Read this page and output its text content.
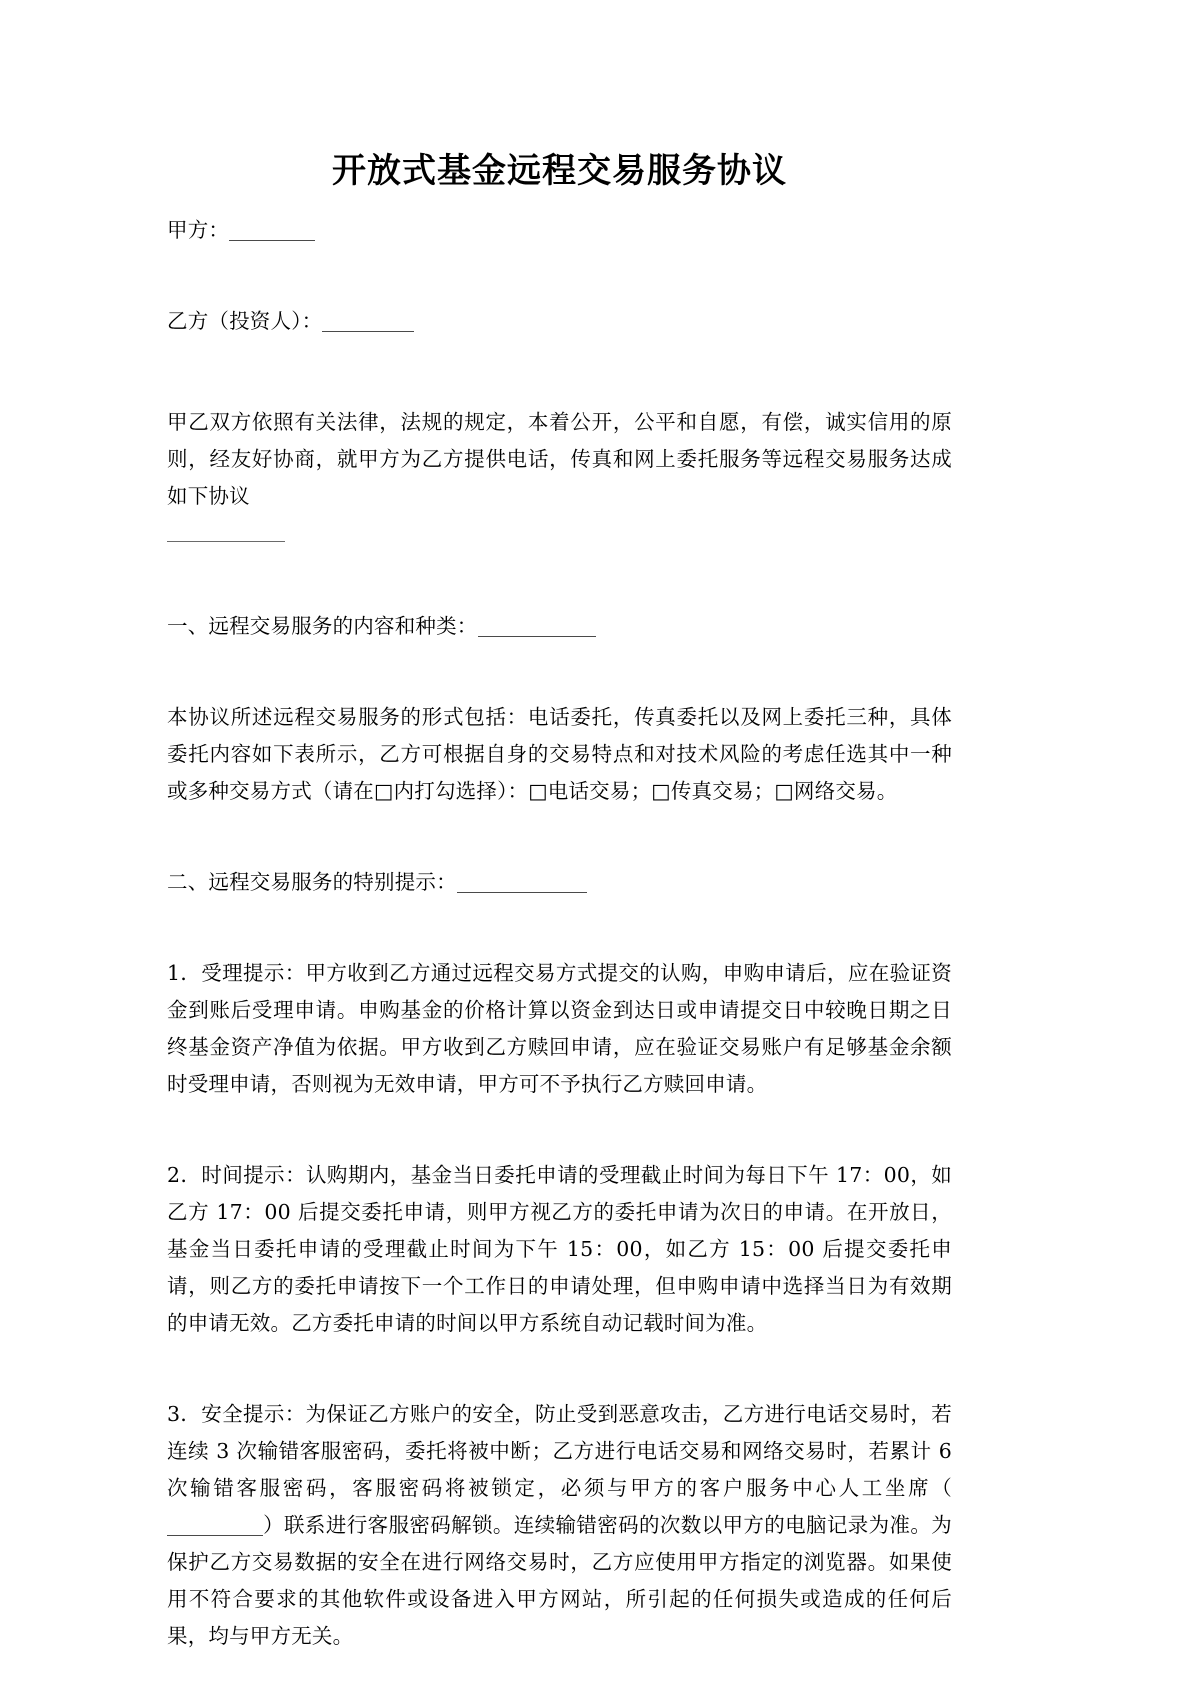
开放式基金远程交易服务协议

甲方：

乙方（投资人）：

甲乙双方依照有关法律，法规的规定，本着公开，公平和自愿，有偿，诚实信用的原则，经友好协商，就甲方为乙方提供电话，传真和网上委托服务等远程交易服务达成如下协议

一、远程交易服务的内容和种类：

本协议所述远程交易服务的形式包括：电话委托，传真委托以及网上委托三种，具体委托内容如下表所示，乙方可根据自身的交易特点和对技术风险的考虑任选其中一种或多种交易方式（请在□内打勾选择）：□电话交易；□传真交易；□网络交易。

二、远程交易服务的特别提示：

1．受理提示：甲方收到乙方通过远程交易方式提交的认购，申购申请后，应在验证资金到账后受理申请。申购基金的价格计算以资金到达日或申请提交日中较晚日期之日终基金资产净值为依据。甲方收到乙方赎回申请，应在验证交易账户有足够基金余额时受理申请，否则视为无效申请，甲方可不予执行乙方赎回申请。

2．时间提示：认购期内，基金当日委托申请的受理截止时间为每日下午 17：00，如乙方 17：00 后提交委托申请，则甲方视乙方的委托申请为次日的申请。在开放日，基金当日委托申请的受理截止时间为下午 15：00，如乙方 15：00 后提交委托申请，则乙方的委托申请按下一个工作日的申请处理，但申购申请中选择当日为有效期的申请无效。乙方委托申请的时间以甲方系统自动记载时间为准。

3．安全提示：为保证乙方账户的安全，防止受到恶意攻击，乙方进行电话交易时，若连续 3 次输错客服密码，委托将被中断；乙方进行电话交易和网络交易时，若累计 6 次输错客服密码，客服密码将被锁定，必须与甲方的客户服务中心人工坐席（）联系进行客服密码解锁。连续输错密码的次数以甲方的电脑记录为准。为保护乙方交易数据的安全在进行网络交易时，乙方应使用甲方指定的浏览器。如果使用不符合要求的其他软件或设备进入甲方网站，所引起的任何损失或造成的任何后果，均与甲方无关。
